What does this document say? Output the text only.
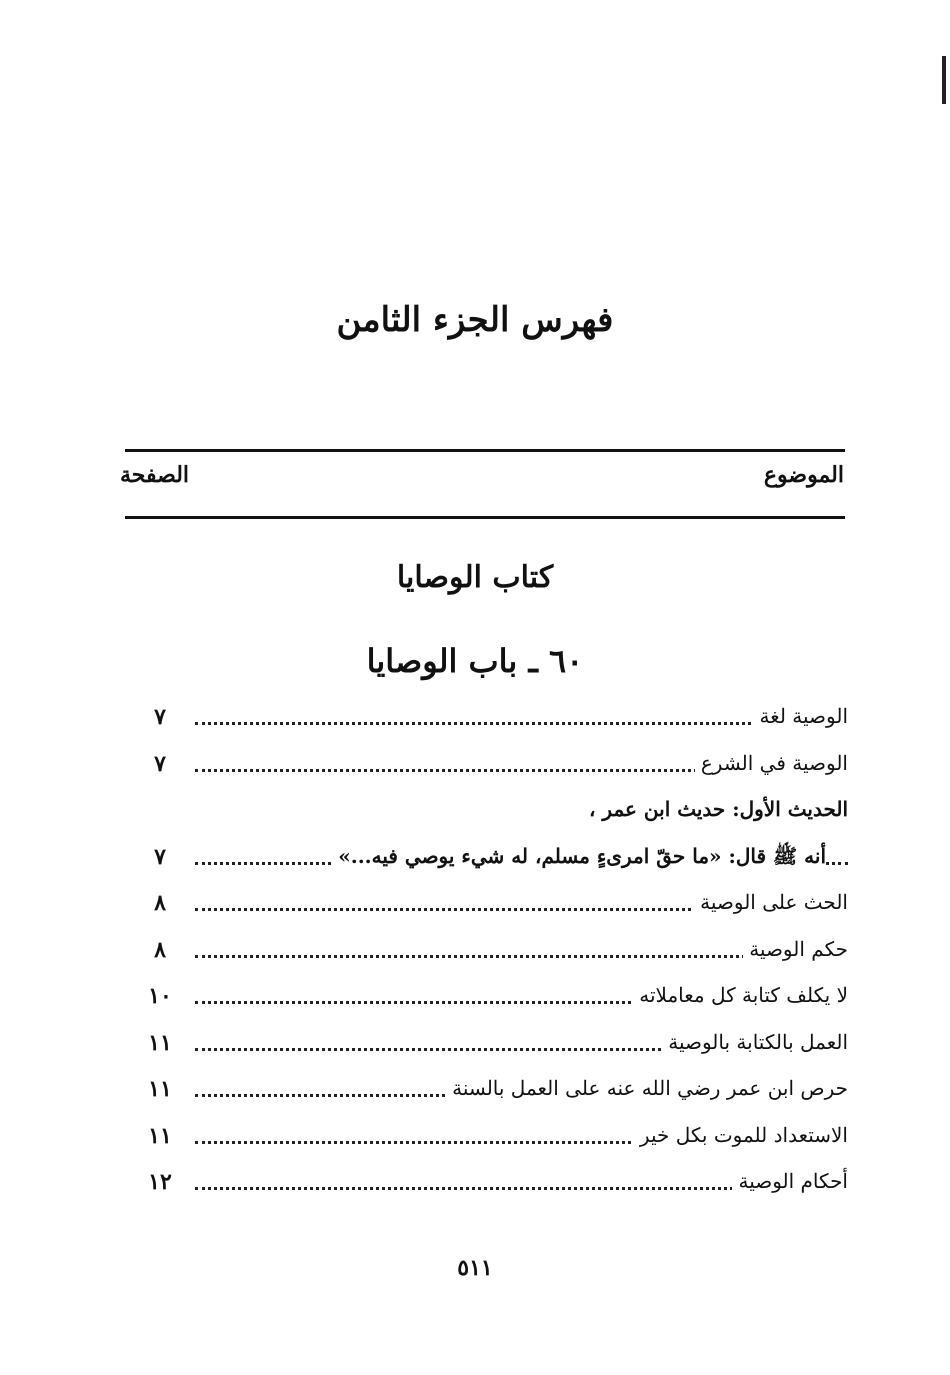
فهرس الجزء الثامن
الموضوع
الصفحة
كتاب الوصايا
٦٠ ـ باب الوصايا
الوصية لغة
٧
الوصية في الشرع
٧
الحديث الأول: حديث ابن عمر ،
أنه ﷺ قال: «ما حقّ امرىءٍ مسلم، له شيء يوصي فيه...»
٧
الحث على الوصية
٨
حكم الوصية
٨
لا يكلف كتابة كل معاملاته
١٠
العمل بالكتابة بالوصية
١١
حرص ابن عمر رضي الله عنه على العمل بالسنة
١١
الاستعداد للموت بكل خير
١١
أحكام الوصية
١٢
٥١١
